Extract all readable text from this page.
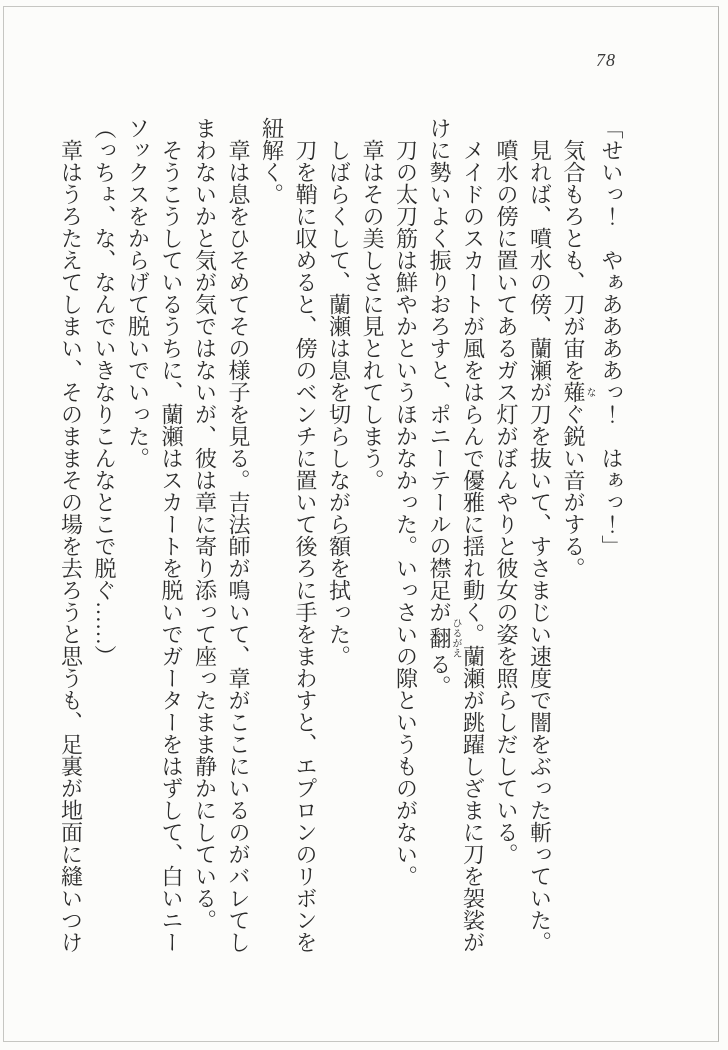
78

「せいっ！　やぁああああっ！　はぁっ！」

気合もろとも、刀が宙を薙なぐ鋭い音がする。

見れば、噴水の傍、蘭瀬が刀を抜いて、すさまじい速度で闇をぶった斬っていた。

噴水の傍に置いてあるガス灯がぼんやりと彼女の姿を照らしだしている。

メイドのスカートが風をはらんで優雅に揺れ動く。蘭瀬が跳躍しざまに刀を袈裟がけに勢いよく振りおろすと、ポニーテールの襟足が翻ひるがえる。

刀の太刀筋は鮮やかというほかなかった。いっさいの隙というものがない。

章はその美しさに見とれてしまう。

しばらくして、蘭瀬は息を切らしながら額を拭った。

刀を鞘に収めると、傍のベンチに置いて後ろに手をまわすと、エプロンのリボンを紐解く。

章は息をひそめてその様子を見る。吉法師が鳴いて、章がここにいるのがバレてしまわないかと気が気ではないが、彼は章に寄り添って座ったまま静かにしている。

そうこうしているうちに、蘭瀬はスカートを脱いでガーターをはずして、白いニーソックスをからげて脱いでいった。

（っちょ、な、なんでいきなりこんなとこで脱ぐ……）

章はうろたえてしまい、そのままその場を去ろうと思うも、足裏が地面に縫いつけ
